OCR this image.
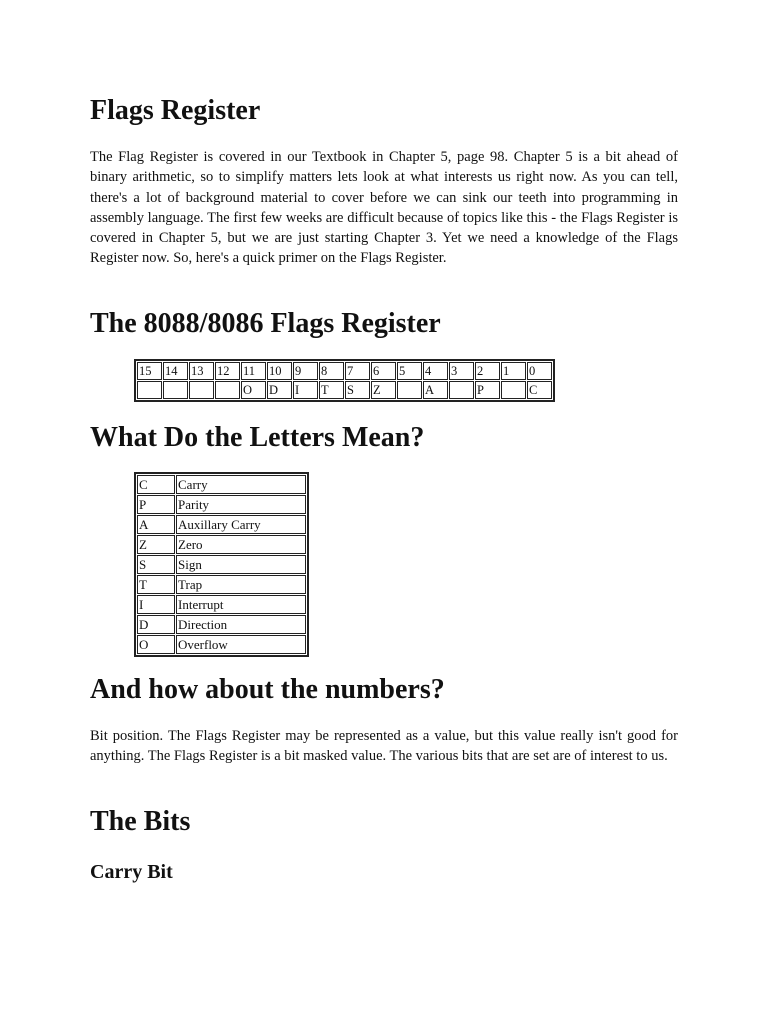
Flags Register

The Flag Register is covered in our Textbook in Chapter 5, page 98. Chapter 5 is a bit ahead of binary arithmetic, so to simplify matters lets look at what interests us right now. As you can tell, there's a lot of background material to cover before we can sink our teeth into programming in assembly language. The first few weeks are difficult because of topics like this - the Flags Register is covered in Chapter 5, but we are just starting Chapter 3. Yet we need a knowledge of the Flags Register now. So, here's a quick primer on the Flags Register.

The 8088/8086 Flags Register
15	14	13	12	11	10	9	8	7	6	5	4	3	2	1	0
				O	D	I	T	S	Z		A		P		C
What Do the Letters Mean?
C	Carry
P	Parity
A	Auxillary Carry
Z	Zero
S	Sign
T	Trap
I	Interrupt
D	Direction
O	Overflow
And how about the numbers?

Bit position. The Flags Register may be represented as a value, but this value really isn't good for anything. The Flags Register is a bit masked value. The various bits that are set are of interest to us.

The Bits
Carry Bit
